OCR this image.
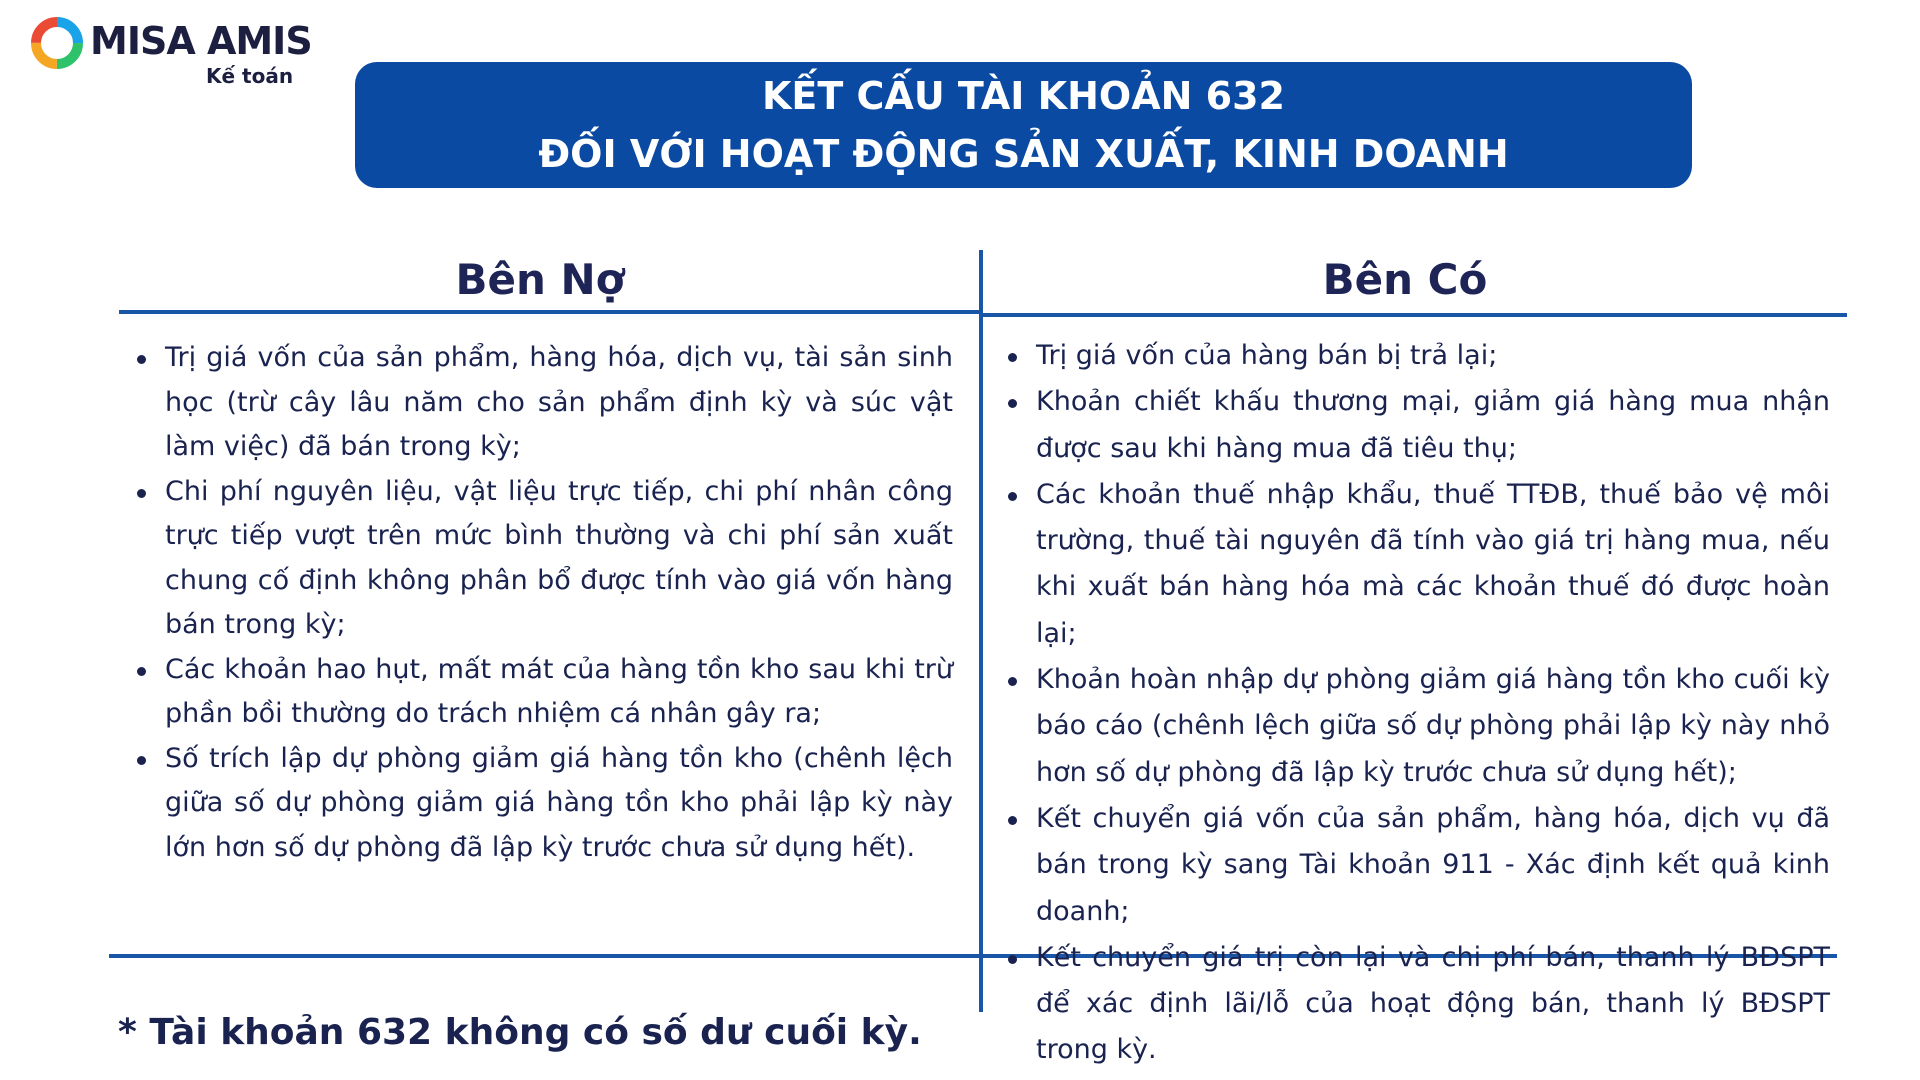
MISA AMIS
Kế toán	KẾT CẤU TÀI KHOẢN 632
ĐỐI VỚI HOẠT ĐỘNG SẢN XUẤT, KINH DOANH
Bên Nợ	Bên Có
Trị giá vốn của sản phẩm, hàng hóa, dịch vụ, tài sản sinh học (trừ cây lâu năm cho sản phẩm định kỳ và súc vật làm việc) đã bán trong kỳ;
Chi phí nguyên liệu, vật liệu trực tiếp, chi phí nhân công trực tiếp vượt trên mức bình thường và chi phí sản xuất chung cố định không phân bổ được tính vào giá vốn hàng bán trong kỳ;
Các khoản hao hụt, mất mát của hàng tồn kho sau khi trừ phần bồi thường do trách nhiệm cá nhân gây ra;
Số trích lập dự phòng giảm giá hàng tồn kho (chênh lệch giữa số dự phòng giảm giá hàng tồn kho phải lập kỳ này lớn hơn số dự phòng đã lập kỳ trước chưa sử dụng hết).
Trị giá vốn của hàng bán bị trả lại;
Khoản chiết khấu thương mại, giảm giá hàng mua nhận được sau khi hàng mua đã tiêu thụ;
Các khoản thuế nhập khẩu, thuế TTĐB, thuế bảo vệ môi trường, thuế tài nguyên đã tính vào giá trị hàng mua, nếu khi xuất bán hàng hóa mà các khoản thuế đó được hoàn lại;
Khoản hoàn nhập dự phòng giảm giá hàng tồn kho cuối kỳ báo cáo (chênh lệch giữa số dự phòng phải lập kỳ này nhỏ hơn số dự phòng đã lập kỳ trước chưa sử dụng hết);
Kết chuyển giá vốn của sản phẩm, hàng hóa, dịch vụ đã bán trong kỳ sang Tài khoản 911 - Xác định kết quả kinh doanh;
Kết chuyển giá trị còn lại và chi phí bán, thanh lý BĐSPT để xác định lãi/lỗ của hoạt động bán, thanh lý BĐSPT trong kỳ.
* Tài khoản 632 không có số dư cuối kỳ.
